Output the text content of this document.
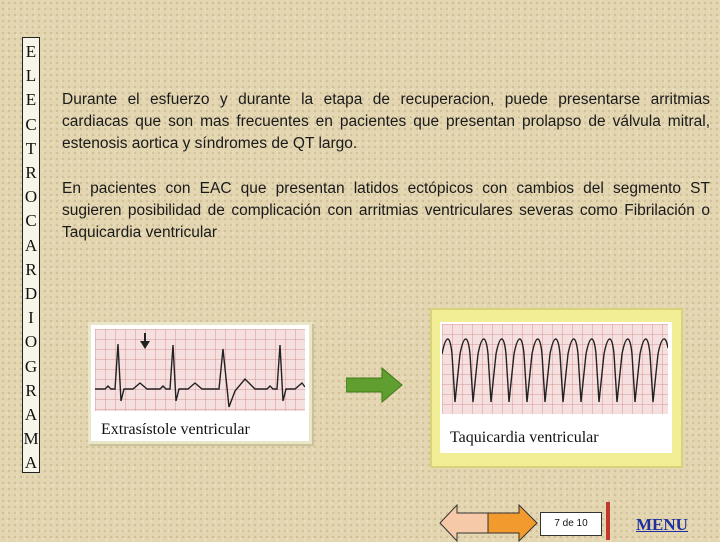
E
L
E
C
T
R
O
C
A
R
D
I
O
G
R
A
M
A

Durante el esfuerzo y durante la etapa de recuperacion, puede presentarse arritmias cardiacas que son mas frecuentes en pacientes que presentan prolapso de válvula mitral, estenosis aortica y síndromes de QT largo.

En pacientes con EAC que presentan latidos ectópicos con cambios del segmento ST sugieren posibilidad de complicación con arritmias ventriculares severas como Fibrilación o Taquicardia ventricular

Extrasístole ventricular	Taquicardia ventricular
7 de 10	MENU
